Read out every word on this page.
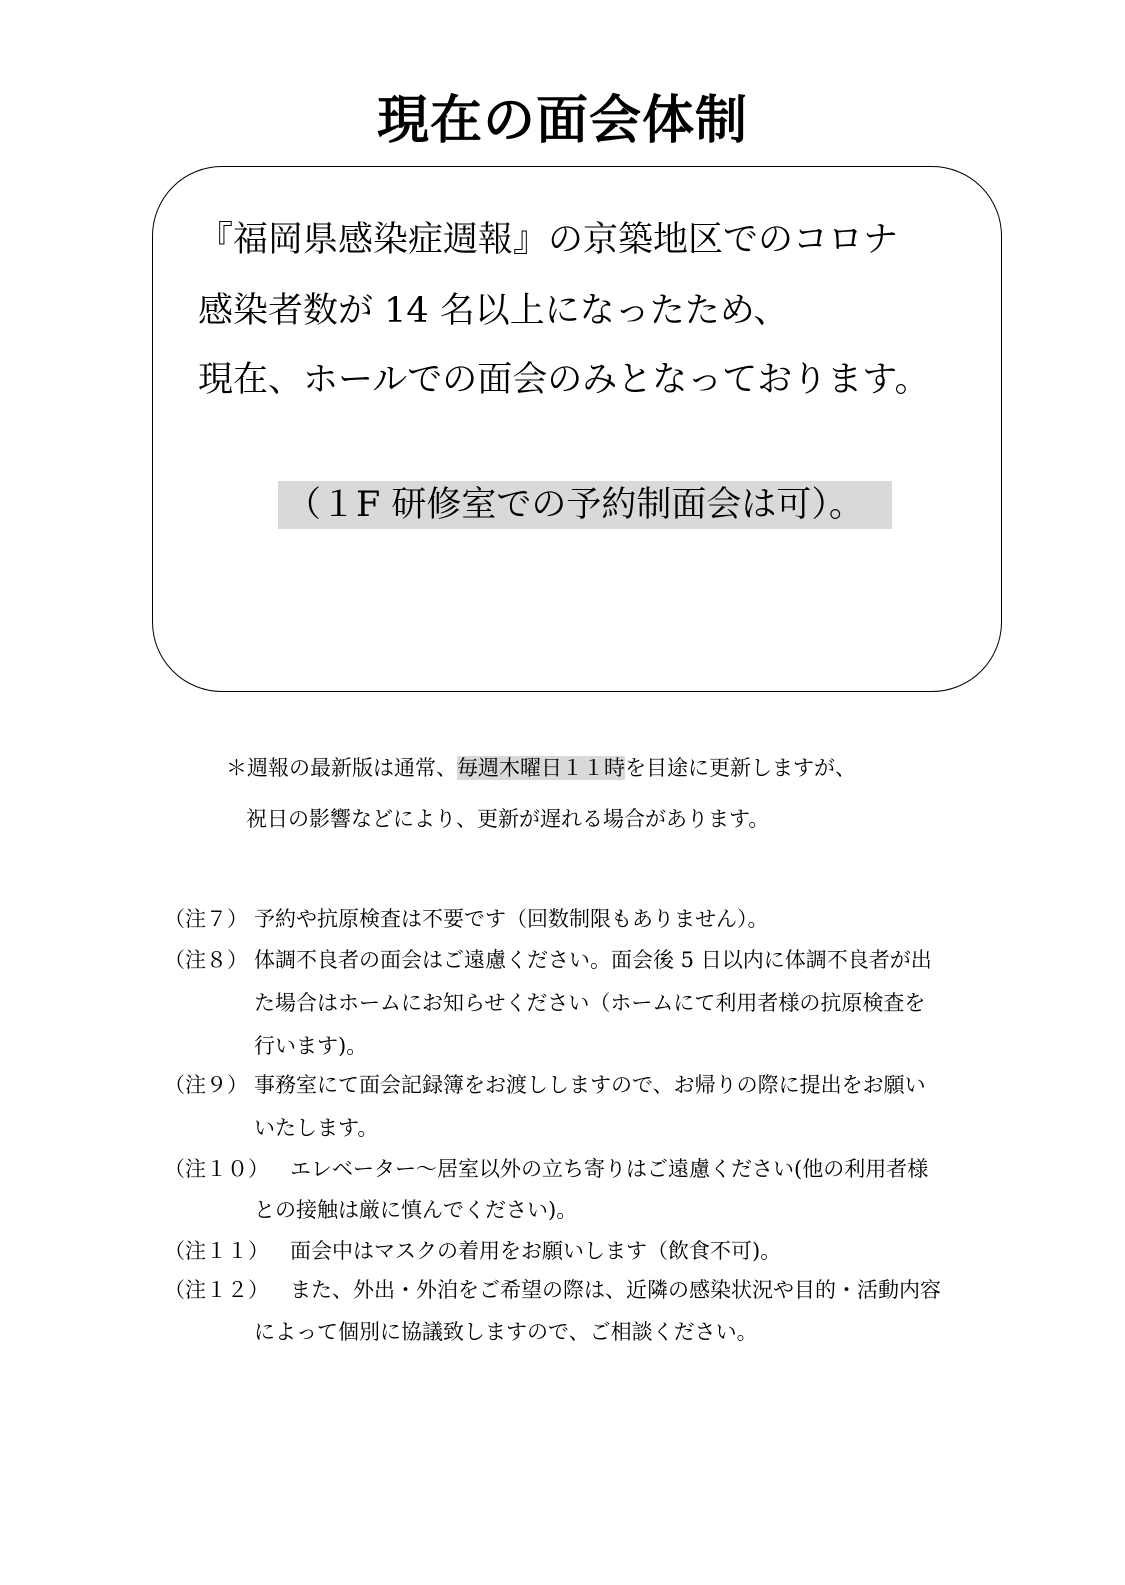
現在の面会体制
『福岡県感染症週報』の京築地区でのコロナ
感染者数が 14 名以上になったため、
現在、ホールでの面会のみとなっております。
（１F 研修室での予約制面会は可）。
＊週報の最新版は通常、毎週木曜日１１時を目途に更新しますが、
祝日の影響などにより、更新が遅れる場合があります。
（注７） 予約や抗原検査は不要です（回数制限もありません）。
（注８） 体調不良者の面会はご遠慮ください。面会後 5 日以内に体調不良者が出
た場合はホームにお知らせください（ホームにて利用者様の抗原検査を
行います)。
（注９） 事務室にて面会記録簿をお渡ししますので、お帰りの際に提出をお願い
いたします。
（注１０） エレベーター〜居室以外の立ち寄りはご遠慮ください(他の利用者様
との接触は厳に慎んでください)。
（注１１） 面会中はマスクの着用をお願いします（飲食不可)。
（注１２） また、外出・外泊をご希望の際は、近隣の感染状況や目的・活動内容
によって個別に協議致しますので、ご相談ください。
